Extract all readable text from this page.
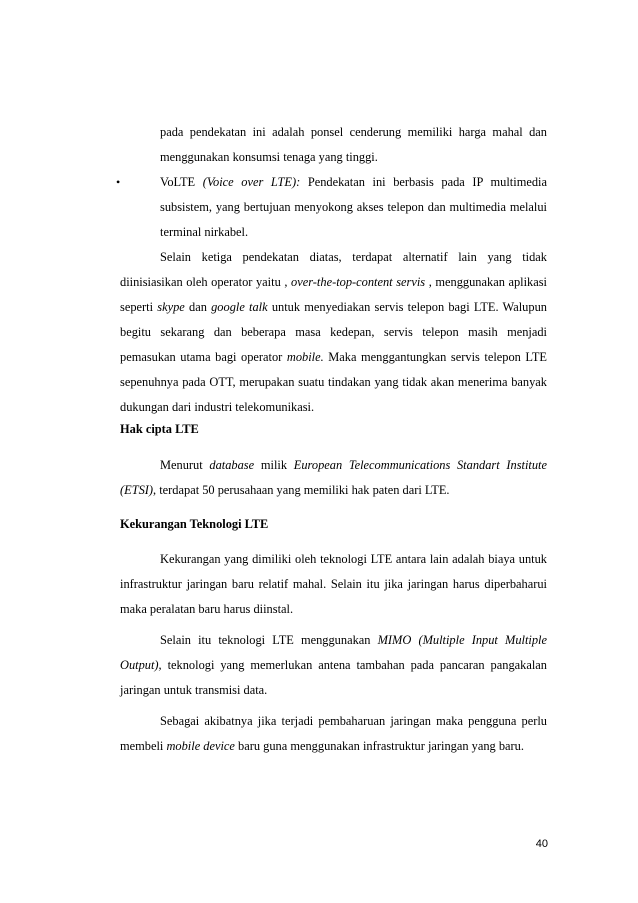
pada pendekatan ini adalah ponsel cenderung memiliki harga mahal dan menggunakan konsumsi tenaga yang tinggi.

•	VoLTE (Voice over LTE): Pendekatan ini berbasis pada IP multimedia subsistem, yang bertujuan menyokong akses telepon dan multimedia melalui terminal nirkabel.

Selain ketiga pendekatan diatas, terdapat alternatif lain yang tidak diinisiasikan oleh operator yaitu , over-the-top-content servis , menggunakan aplikasi seperti skype dan google talk untuk menyediakan servis telepon bagi LTE. Walupun begitu sekarang dan beberapa masa kedepan, servis telepon masih menjadi pemasukan utama bagi operator mobile. Maka menggantungkan servis telepon LTE sepenuhnya pada OTT, merupakan suatu tindakan yang tidak akan menerima banyak dukungan dari industri telekomunikasi.

Hak cipta LTE

Menurut database milik European Telecommunications Standart Institute (ETSI), terdapat 50 perusahaan yang memiliki hak paten dari LTE.

Kekurangan Teknologi LTE

Kekurangan yang dimiliki oleh teknologi LTE antara lain adalah biaya untuk infrastruktur jaringan baru relatif mahal. Selain itu jika jaringan harus diperbaharui maka peralatan baru harus diinstal.

Selain itu teknologi LTE menggunakan MIMO (Multiple Input Multiple Output), teknologi yang memerlukan antena tambahan pada pancaran pangakalan jaringan untuk transmisi data.

Sebagai akibatnya jika terjadi pembaharuan jaringan maka pengguna perlu membeli mobile device baru guna menggunakan infrastruktur jaringan yang baru.

40
